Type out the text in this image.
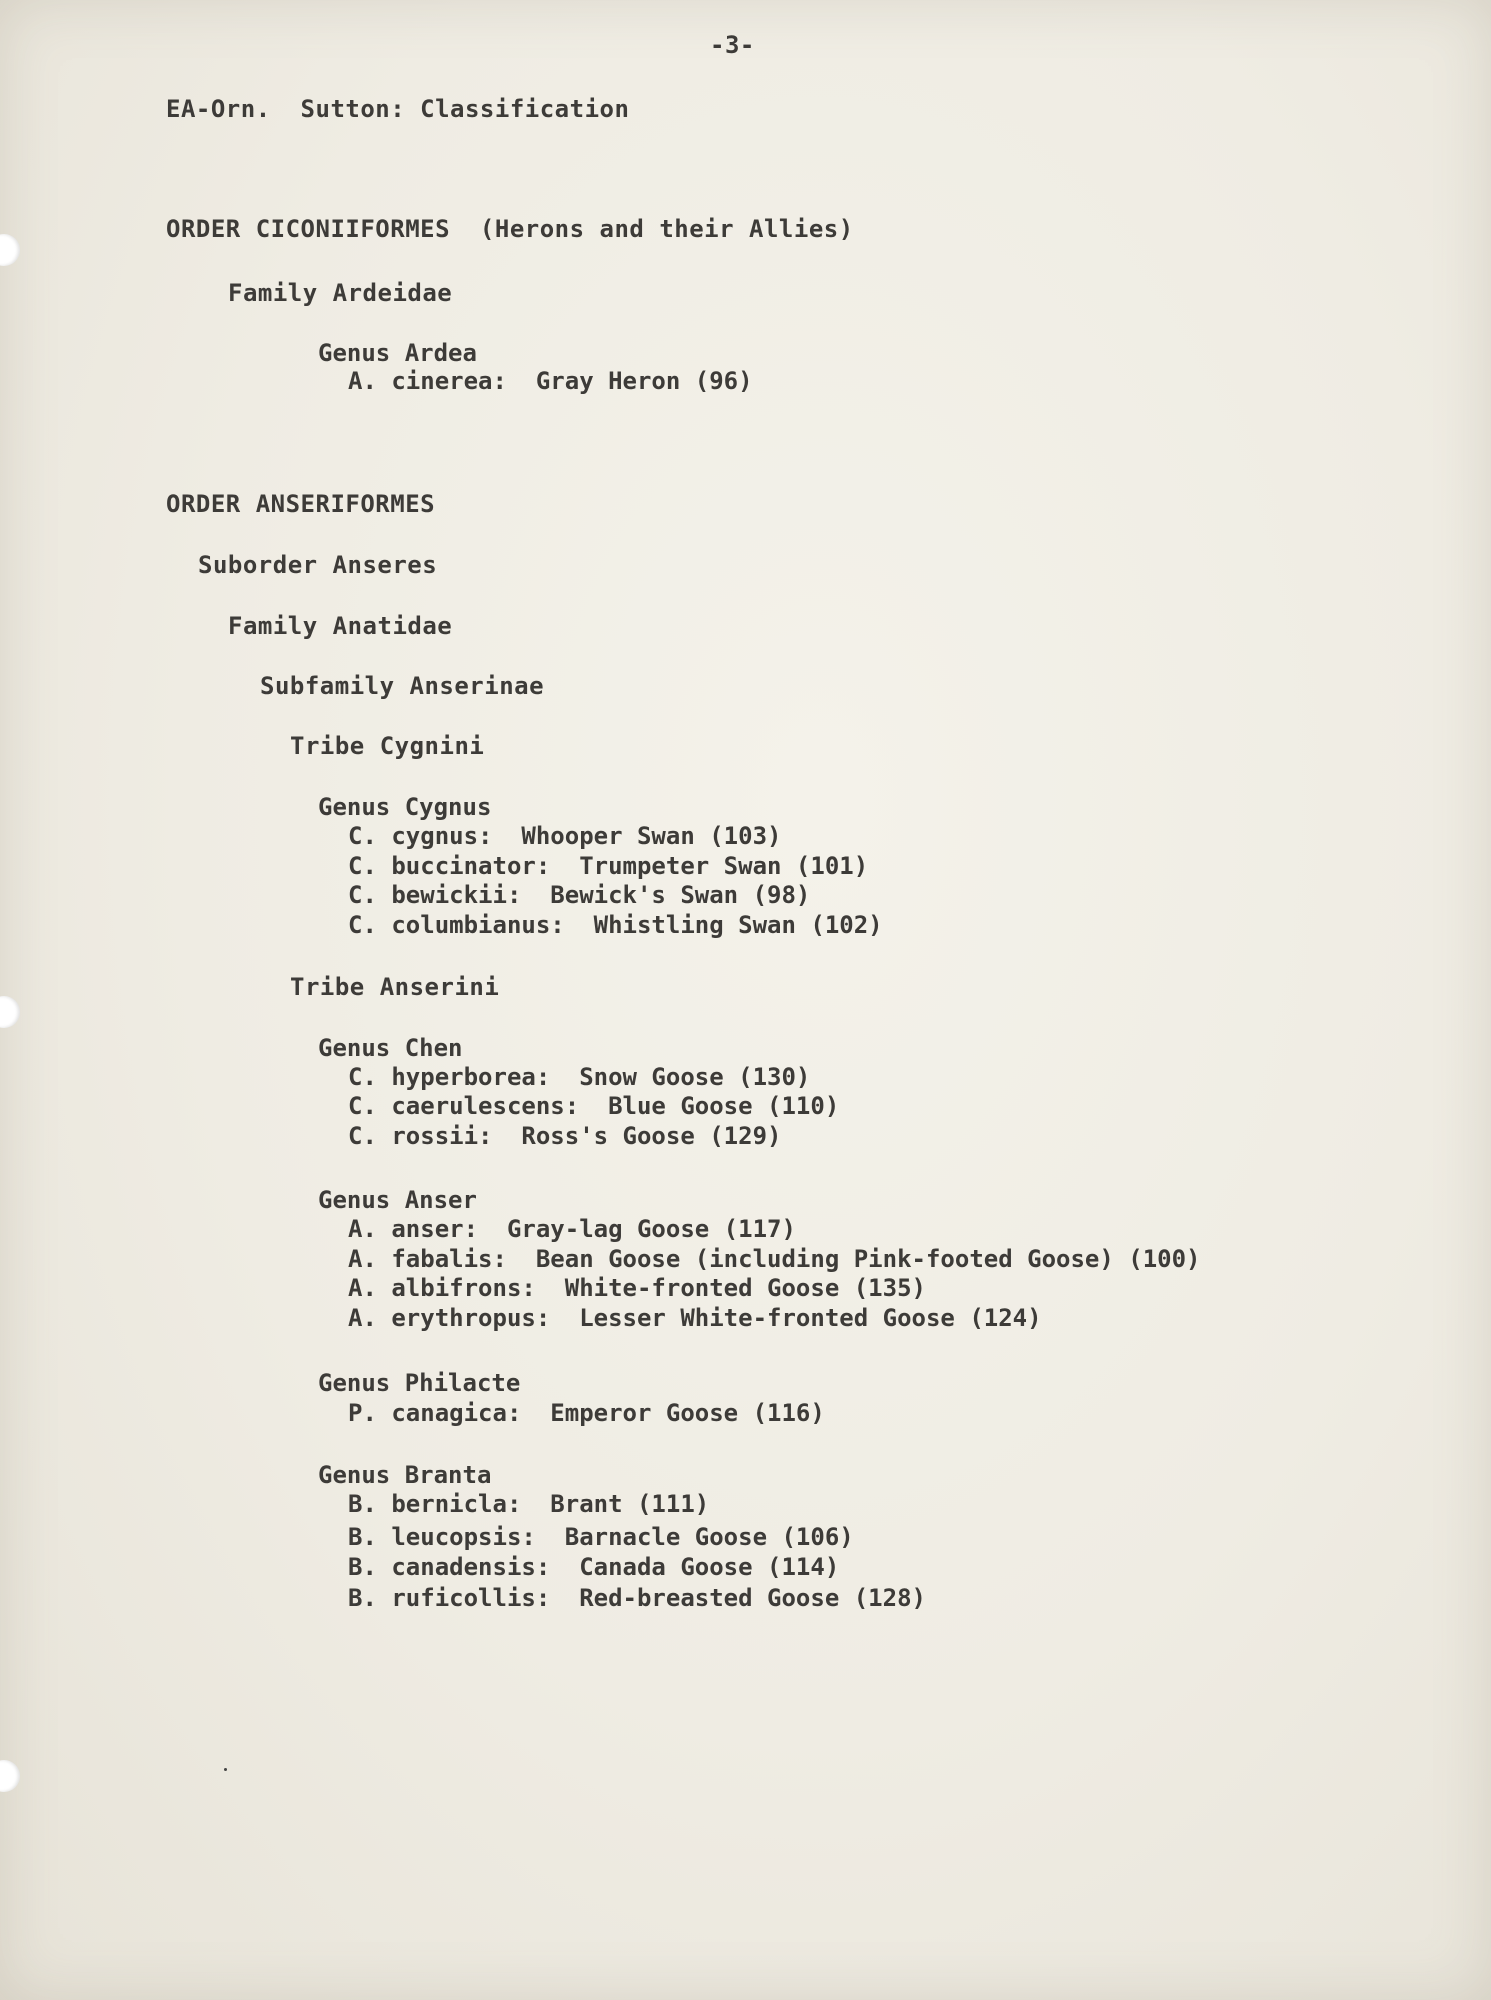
-3-

EA-Orn.  Sutton: Classification

ORDER CICONIIFORMES  (Herons and their Allies)

Family Ardeidae

Genus Ardea
A. cinerea:  Gray Heron (96)

ORDER ANSERIFORMES

Suborder Anseres

Family Anatidae

Subfamily Anserinae

Tribe Cygnini

Genus Cygnus
C. cygnus:  Whooper Swan (103)
C. buccinator:  Trumpeter Swan (101)
C. bewickii:  Bewick's Swan (98)
C. columbianus:  Whistling Swan (102)

Tribe Anserini

Genus Chen
C. hyperborea:  Snow Goose (130)
C. caerulescens:  Blue Goose (110)
C. rossii:  Ross's Goose (129)
Genus Anser
A. anser:  Gray-lag Goose (117)
A. fabalis:  Bean Goose (including Pink-footed Goose) (100)
A. albifrons:  White-fronted Goose (135)
A. erythropus:  Lesser White-fronted Goose (124)
Genus Philacte
P. canagica:  Emperor Goose (116)
Genus Branta
B. bernicla:  Brant (111)
B. leucopsis:  Barnacle Goose (106)
B. canadensis:  Canada Goose (114)
B. ruficollis:  Red-breasted Goose (128)
